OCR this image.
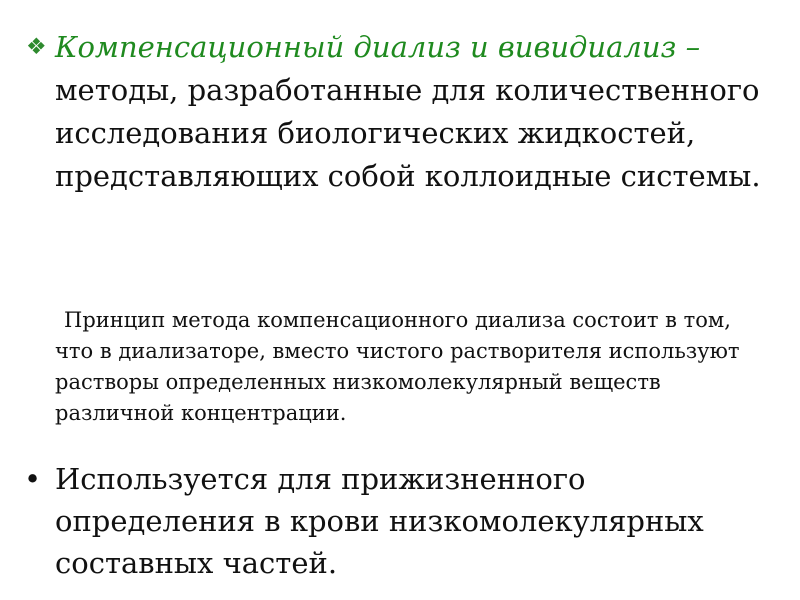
❖ Компенсационный диализ и вивидиализ –
методы, разработанные для количественного исследования биологических жидкостей, представляющих собой коллоидные системы.
Принцип метода компенсационного диализа состоит в том, что в диализаторе, вместо чистого растворителя используют растворы определенных низкомолекулярный веществ различной концентрации.
• Используется для прижизненного определения в крови низкомолекулярных составных частей.
